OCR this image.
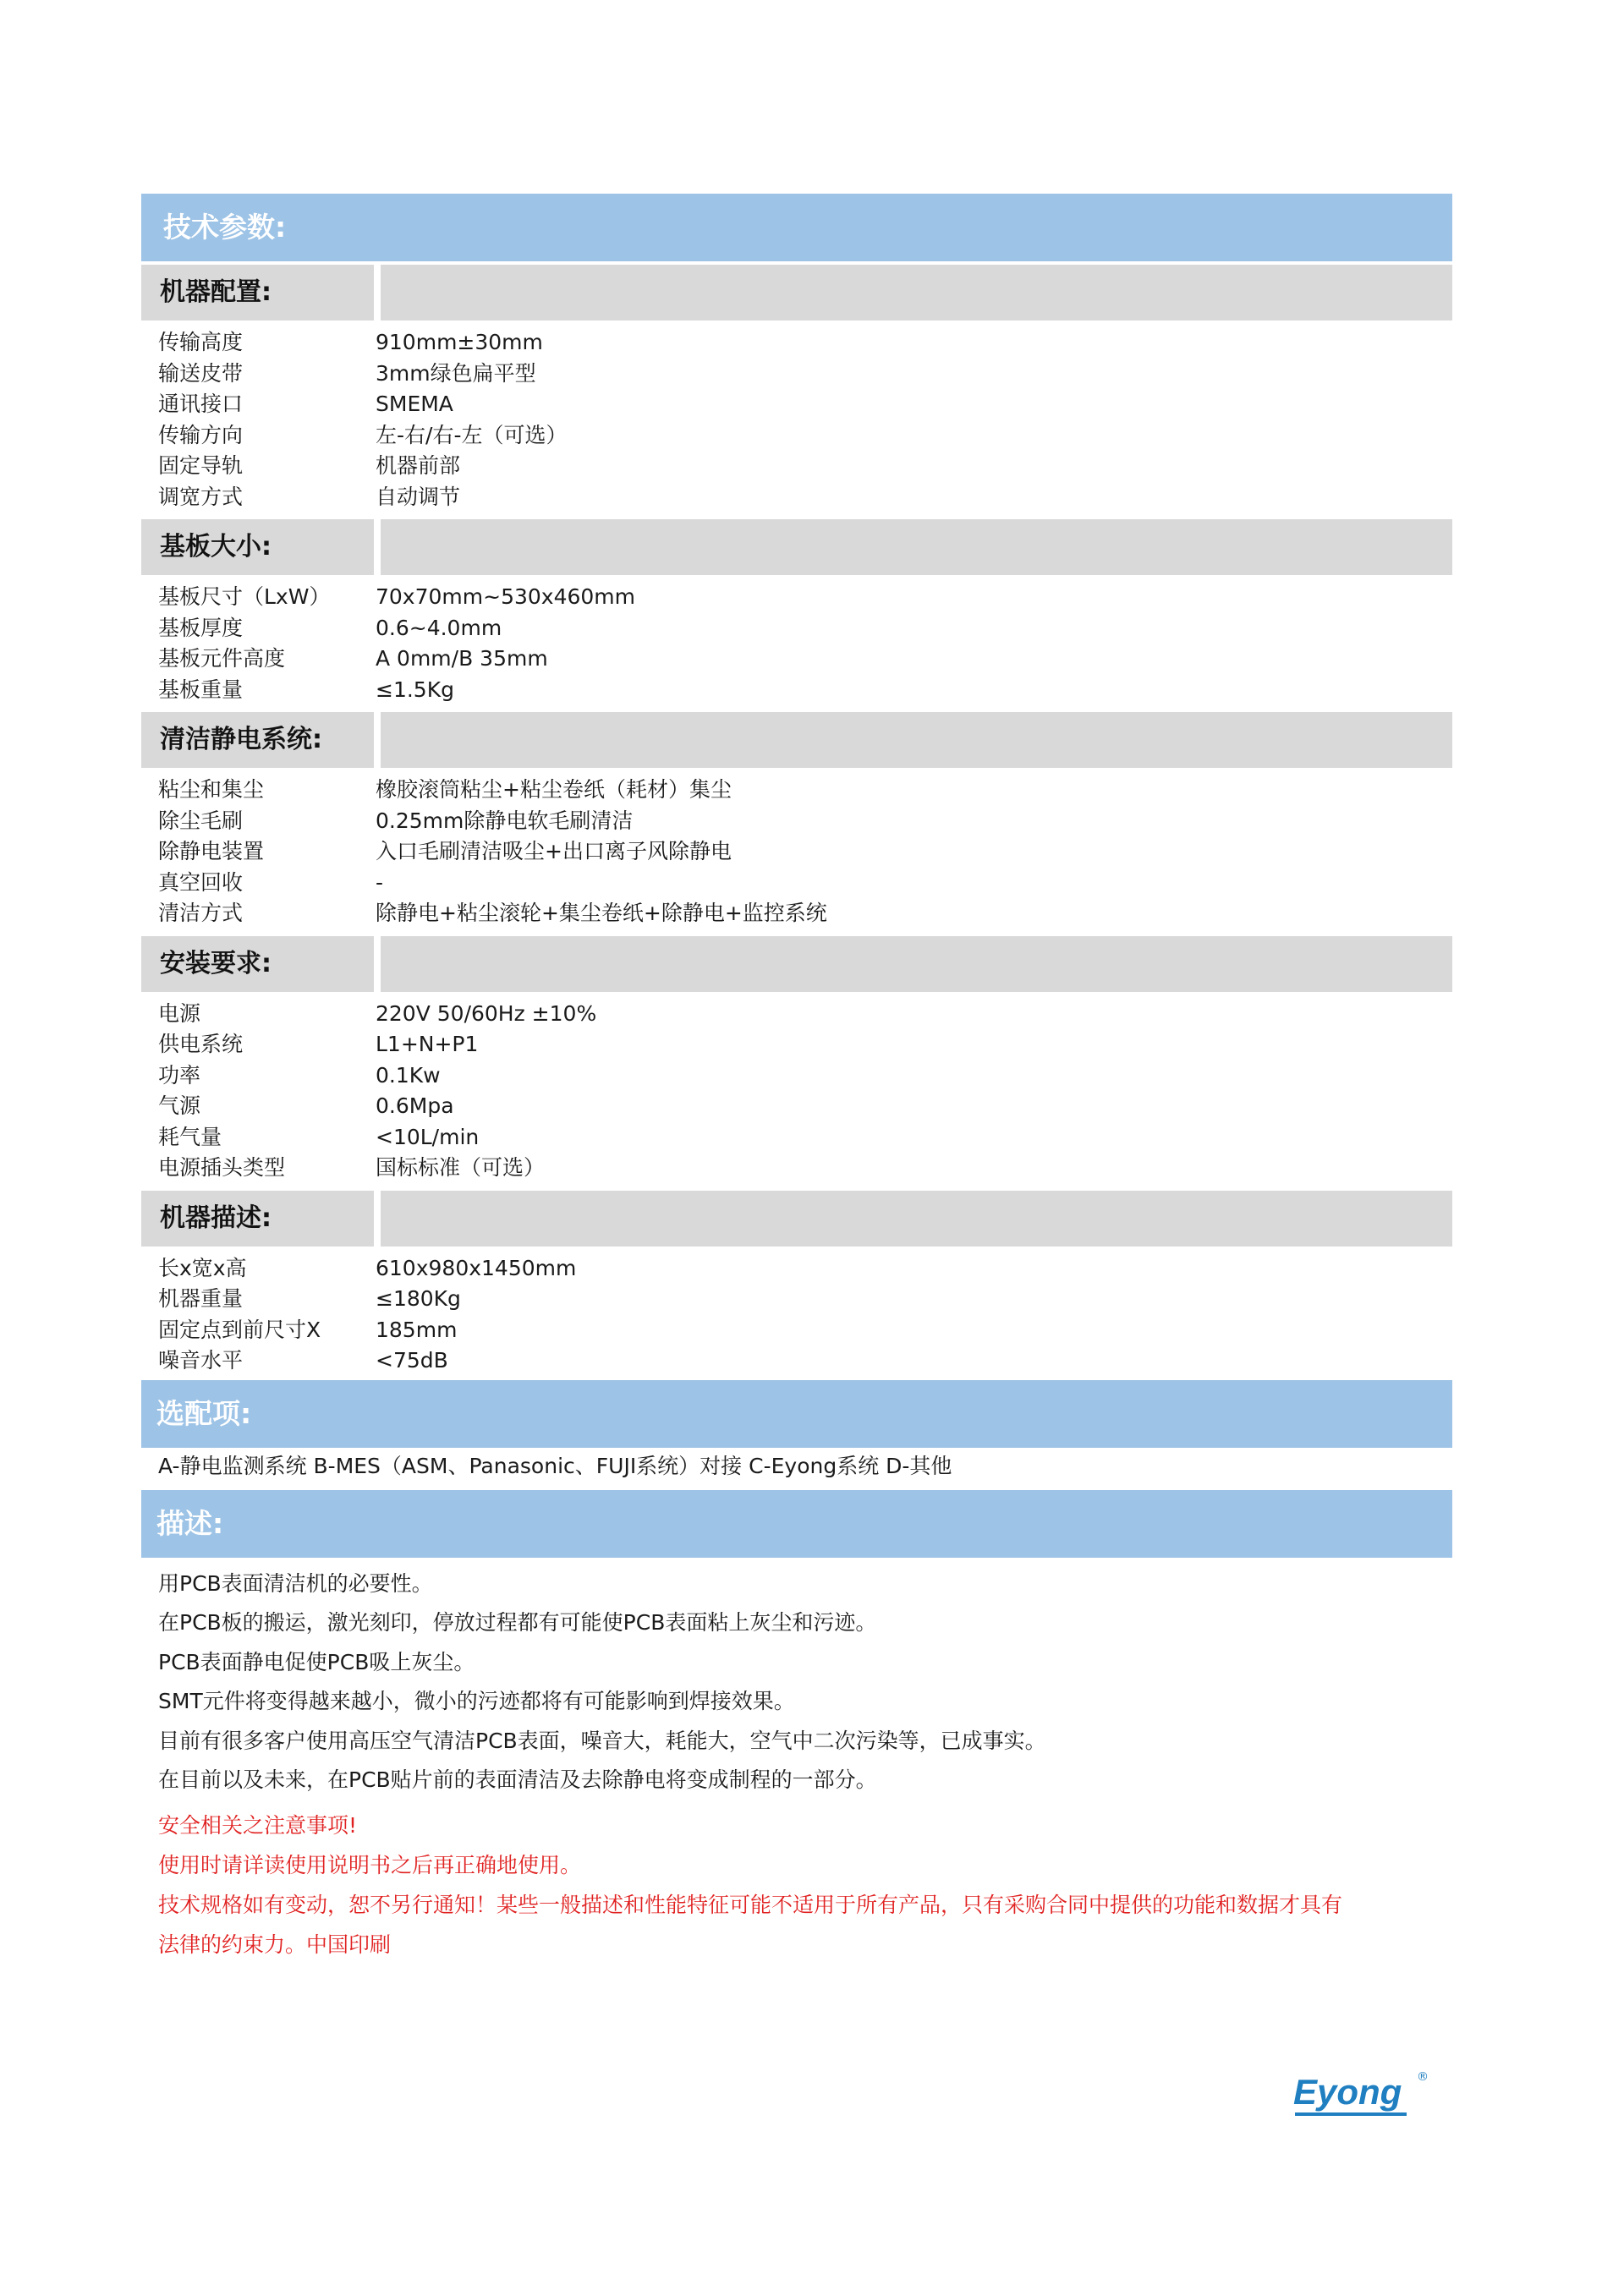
技术参数:
机器配置:
传输高度	910mm±30mm
输送皮带	3mm绿色扁平型
通讯接口	SMEMA
传输方向	左-右/右-左（可选）
固定导轨	机器前部
调宽方式	自动调节
基板大小:
基板尺寸（LxW）	70x70mm~530x460mm
基板厚度	0.6~4.0mm
基板元件高度	A 0mm/B 35mm
基板重量	≤1.5Kg
清洁静电系统:
粘尘和集尘	橡胶滚筒粘尘+粘尘卷纸（耗材）集尘
除尘毛刷	0.25mm除静电软毛刷清洁
除静电装置	入口毛刷清洁吸尘+出口离子风除静电
真空回收	-
清洁方式	除静电+粘尘滚轮+集尘卷纸+除静电+监控系统
安装要求:
电源	220V 50/60Hz ±10%
供电系统	L1+N+P1
功率	0.1Kw
气源	0.6Mpa
耗气量	<10L/min
电源插头类型	国标标准（可选）
机器描述:
长x宽x高	610x980x1450mm
机器重量	≤180Kg
固定点到前尺寸X	185mm
噪音水平	<75dB
选配项:
A-静电监测系统 B-MES（ASM、Panasonic、FUJI系统）对接 C-Eyong系统 D-其他
描述:
用PCB表面清洁机的必要性。
在PCB板的搬运，激光刻印，停放过程都有可能使PCB表面粘上灰尘和污迹。
PCB表面静电促使PCB吸上灰尘。
SMT元件将变得越来越小，微小的污迹都将有可能影响到焊接效果。
目前有很多客户使用高压空气清洁PCB表面，噪音大，耗能大，空气中二次污染等，已成事实。
在目前以及未来，在PCB贴片前的表面清洁及去除静电将变成制程的一部分。
安全相关之注意事项!
使用时请详读使用说明书之后再正确地使用。
技术规格如有变动，恕不另行通知！某些一般描述和性能特征可能不适用于所有产品，只有采购合同中提供的功能和数据才具有
法律的约束力。中国印刷
Eyong ®
